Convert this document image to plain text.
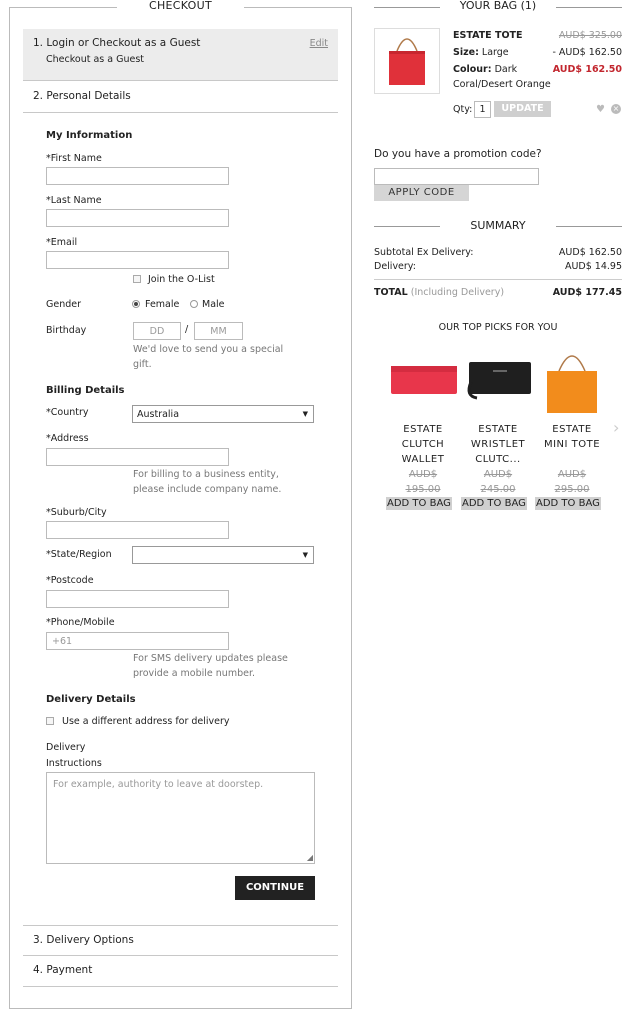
CHECKOUT
1. Login or Checkout as a Guest
Checkout as a Guest
Edit
2. Personal Details
My Information
*First Name
*Last Name
*Email
Join the O-List
Gender	Female Male
Birthday	DD	/	MM
We'd love to send you a special gift.
Billing Details
*Country	Australia	▼
*Address
For billing to a business entity, please include company name.
*Suburb/City
*State/Region	▼
*Postcode
*Phone/Mobile
+61
For SMS delivery updates please provide a mobile number.
Delivery Details
Use a different address for delivery
Delivery
Instructions
For example, authority to leave at doorstep.
◢
CONTINUE
3. Delivery Options
4. Payment
YOUR BAG (1)
ESTATE TOTE	AUD$ 325.00
Size: Large	- AUD$ 162.50
Colour: Dark	AUD$ 162.50
Coral/Desert Orange
Qty: 1	UPDATE	♥ ×
Do you have a promotion code?
APPLY CODE
SUMMARY
Subtotal Ex Delivery:	AUD$ 162.50
Delivery:	AUD$ 14.95
TOTAL (Including Delivery)	AUD$ 177.45
OUR TOP PICKS FOR YOU
ESTATE
CLUTCH
WALLET
AUD$
195.00
ADD TO BAG
ESTATE
WRISTLET
CLUTC...
AUD$
245.00
ADD TO BAG
ESTATE
MINI TOTE
AUD$
295.00
ADD TO BAG
›
